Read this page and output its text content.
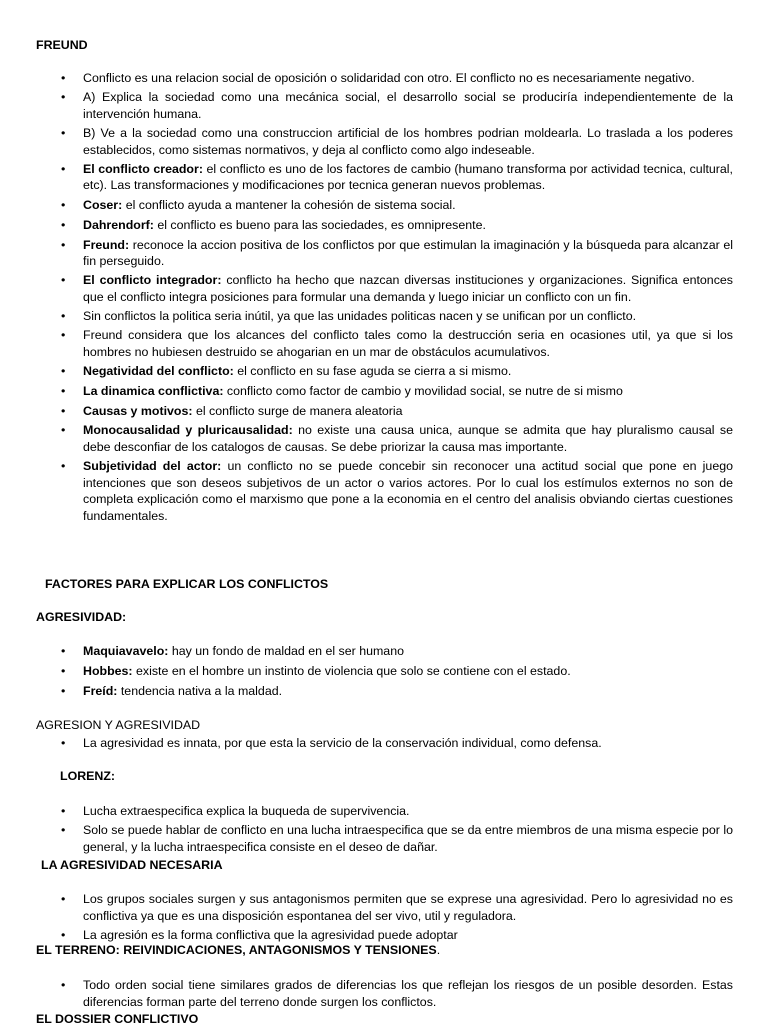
FREUND
• Conflicto es una relacion social de oposición o solidaridad con otro. El conflicto no es necesariamente negativo.
• A) Explica la sociedad como una mecánica social, el desarrollo social se produciría independientemente de la intervención humana.
• B) Ve a la sociedad como una construccion artificial de los hombres podrian moldearla. Lo traslada a los poderes establecidos, como sistemas normativos, y deja al conflicto como algo indeseable.
• El conflicto creador: el conflicto es uno de los factores de cambio (humano transforma por actividad tecnica, cultural, etc). Las transformaciones y modificaciones por tecnica generan nuevos problemas.
• Coser: el conflicto ayuda a mantener la cohesión de sistema social.
• Dahrendorf: el conflicto es bueno para las sociedades, es omnipresente.
• Freund: reconoce la accion positiva de los conflictos por que estimulan la imaginación y la búsqueda para alcanzar el fin perseguido.
• El conflicto integrador: conflicto ha hecho que nazcan diversas instituciones y organizaciones. Significa entonces que el conflicto integra posiciones para formular una demanda y luego iniciar un conflicto con un fin.
• Sin conflictos la politica seria inútil, ya que las unidades politicas nacen y se unifican por un conflicto.
• Freund considera que los alcances del conflicto tales como la destrucción seria en ocasiones util, ya que si los hombres no hubiesen destruido se ahogarian en un mar de obstáculos acumulativos.
• Negatividad del conflicto: el conflicto en su fase aguda se cierra a si mismo.
• La dinamica conflictiva: conflicto como factor de cambio y movilidad social, se nutre de si mismo
• Causas y motivos: el conflicto surge de manera aleatoria
• Monocausalidad y pluricausalidad: no existe una causa unica, aunque se admita que hay pluralismo causal se debe desconfiar de los catalogos de causas. Se debe priorizar la causa mas importante.
• Subjetividad del actor: un conflicto no se puede concebir sin reconocer una actitud social que pone en juego intenciones que son deseos subjetivos de un actor o varios actores. Por lo cual los estímulos externos no son de completa explicación como el marxismo que pone a la economia en el centro del analisis obviando ciertas cuestiones fundamentales.
FACTORES PARA EXPLICAR LOS CONFLICTOS
AGRESIVIDAD:
• Maquiavavelo: hay un fondo de maldad en el ser humano
• Hobbes: existe en el hombre un instinto de violencia que solo se contiene con el estado.
• Freíd: tendencia nativa a la maldad.
AGRESION Y AGRESIVIDAD
• La agresividad es innata, por que esta la servicio de la conservación individual, como defensa.
LORENZ:
• Lucha extraespecifica explica la buqueda de supervivencia.
• Solo se puede hablar de conflicto en una lucha intraespecifica que se da entre miembros de una misma especie por lo general, y la lucha intraespecifica consiste en el deseo de dañar.
LA AGRESIVIDAD NECESARIA
• Los grupos sociales surgen y sus antagonismos permiten que se exprese una agresividad. Pero lo agresividad no es conflictiva ya que es una disposición espontanea del ser vivo, util y reguladora.
• La agresión es la forma conflictiva que la agresividad puede adoptar
EL TERRENO: REIVINDICACIONES, ANTAGONISMOS Y TENSIONES.
• Todo orden social tiene similares grados de diferencias los que reflejan los riesgos de un posible desorden. Estas diferencias forman parte del terreno donde surgen los conflictos.
EL DOSSIER CONFLICTIVO
